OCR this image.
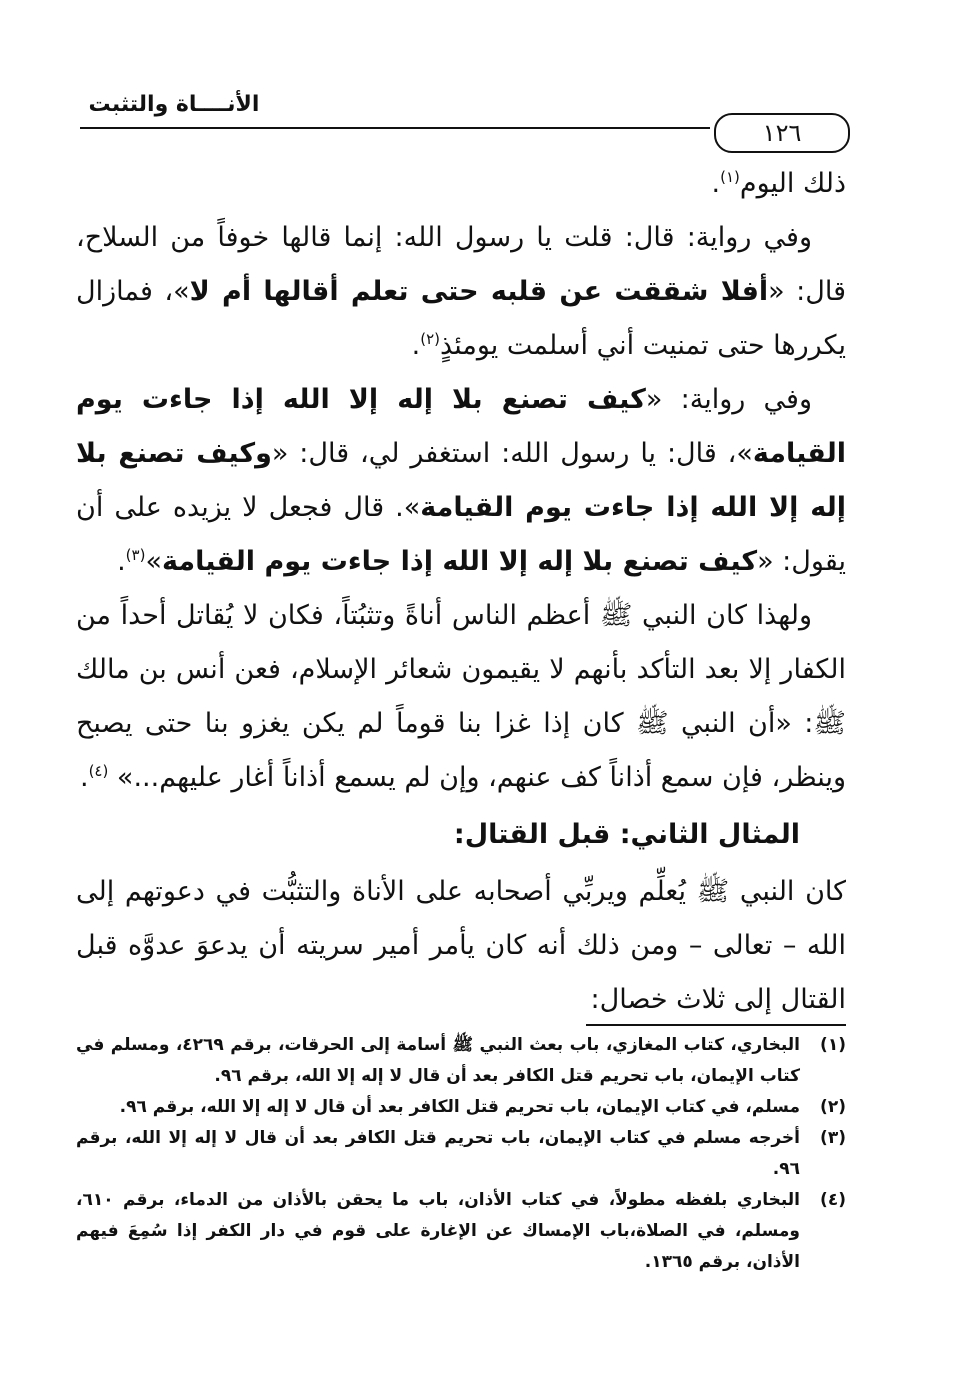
الأنــــاة والتثبت
١٢٦

ذلك اليوم$^{(١)}$.

وفي رواية: قال: قلت يا رسول الله: إنما قالها خوفاً من السلاح، قال: «أفلا شققت عن قلبه حتى تعلم أقالها أم لا»، فمازال يكررها حتى تمنيت أني أسلمت يومئذٍ$^{(٢)}$.

وفي رواية: «كيف تصنع بلا إله إلا الله إذا جاءت يوم القيامة»، قال: يا رسول الله: استغفر لي، قال: «وكيف تصنع بلا إله إلا الله إذا جاءت يوم القيامة». قال فجعل لا يزيده على أن يقول: «كيف تصنع بلا إله إلا الله إذا جاءت يوم القيامة»$^{(٣)}$.

ولهذا كان النبي ﷺ أعظم الناس أناةً وتثبُتاً، فكان لا يُقاتل أحداً من الكفار إلا بعد التأكد بأنهم لا يقيمون شعائر الإسلام، فعن أنس بن مالك ﷺ: «أن النبي ﷺ كان إذا غزا بنا قوماً لم يكن يغزو بنا حتى يصبح وينظر، فإن سمع أذاناً كف عنهم، وإن لم يسمع أذاناً أغار عليهم...» $^{(٤)}$.

المثال الثاني: قبل القتال:

كان النبي ﷺ يُعلِّم ويربِّي أصحابه على الأناة والتثبُّت في دعوتهم إلى الله – تعالى – ومن ذلك أنه كان يأمر أمير سريته أن يدعوَ عدوَّه قبل القتال إلى ثلاث خصال:

(١)
البخاري، كتاب المغازي، باب بعث النبي ﷺ أسامة إلى الحرقات، برقم ٤٢٦٩، ومسلم في كتاب الإيمان، باب تحريم قتل الكافر بعد أن قال لا إله إلا الله، برقم ٩٦.
(٢)
مسلم، في كتاب الإيمان، باب تحريم قتل الكافر بعد أن قال لا إله إلا الله، برقم ٩٦.
(٣)
أخرجه مسلم في كتاب الإيمان، باب تحريم قتل الكافر بعد أن قال لا إله إلا الله، برقم ٩٦.
(٤)
البخاري بلفظه مطولاً، في كتاب الأذان، باب ما يحقن بالأذان من الدماء، برقم ٦١٠، ومسلم، في الصلاة،باب الإمساك عن الإغارة على قوم في دار الكفر إذا سُمِعَ فيهم الأذان، برقم ١٣٦٥.
